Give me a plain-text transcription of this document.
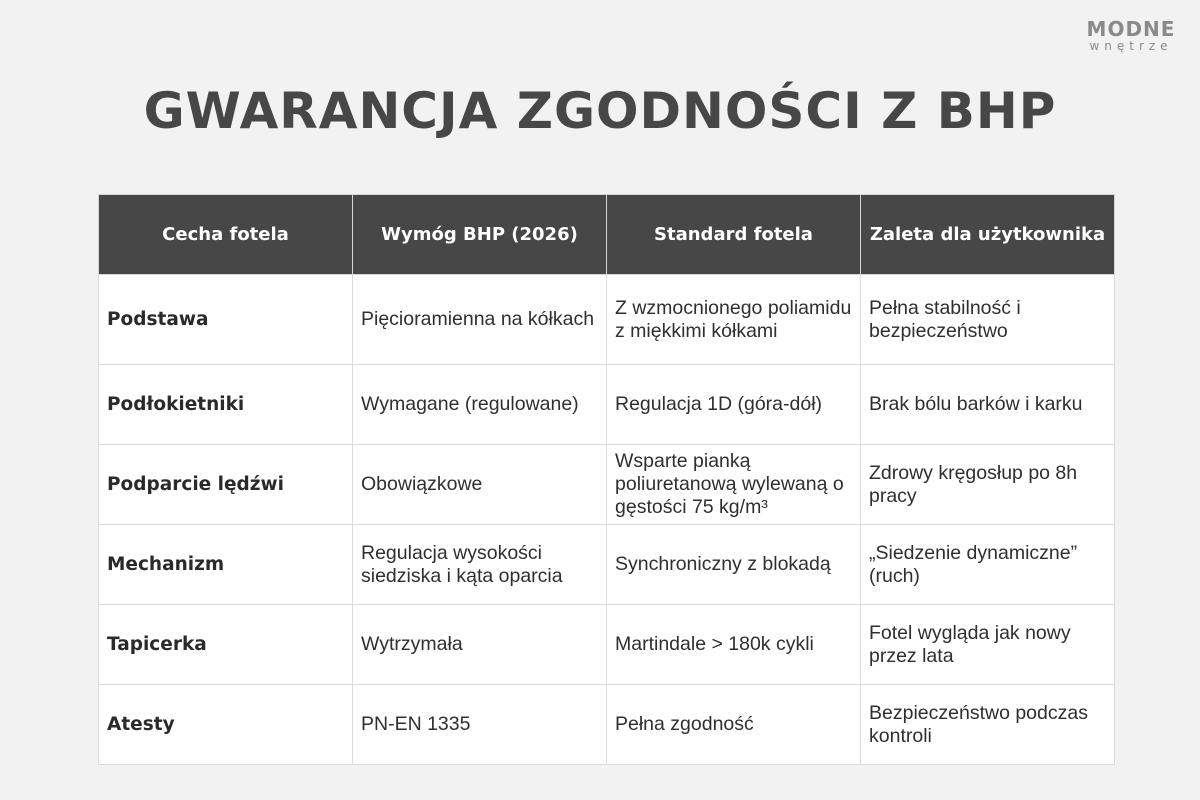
MODNE
wnętrze
GWARANCJA ZGODNOŚCI Z BHP
Cecha fotela	Wymóg BHP (2026)	Standard fotela	Zaleta dla użytkownika
Podstawa	Pięcioramienna na kółkach	Z wzmocnionego poliamidu z miękkimi kółkami	Pełna stabilność i bezpieczeństwo
Podłokietniki	Wymagane (regulowane)	Regulacja 1D (góra-dół)	Brak bólu barków i karku
Podparcie lędźwi	Obowiązkowe	Wsparte pianką poliuretanową wylewaną o gęstości 75 kg/m³	Zdrowy kręgosłup po 8h pracy
Mechanizm	Regulacja wysokości siedziska i kąta oparcia	Synchroniczny z blokadą	„Siedzenie dynamiczne” (ruch)
Tapicerka	Wytrzymała	Martindale > 180k cykli	Fotel wygląda jak nowy przez lata
Atesty	PN-EN 1335	Pełna zgodność	Bezpieczeństwo podczas kontroli
